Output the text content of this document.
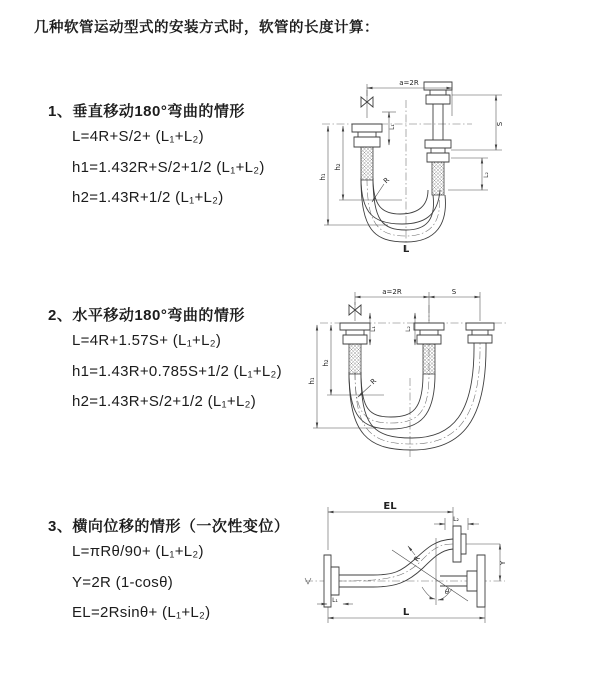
几种软管运动型式的安装方式时，软管的长度计算：
1、垂直移动180°弯曲的情形
L=4R+S/2+ (L₁+L₂)
h1=1.432R+S/2+1/2 (L₁+L₂)
h2=1.43R+1/2 (L₁+L₂)
2、水平移动180°弯曲的情形
L=4R+1.57S+ (L₁+L₂)
h1=1.43R+0.785S+1/2 (L₁+L₂)
h2=1.43R+S/2+1/2 (L₁+L₂)
3、横向位移的情形（一次性变位）
L=πRθ/90+ (L₁+L₂)
Y=2R (1-cosθ)
EL=2Rsinθ+ (L₁+L₂)
a=2R
L₁
S
L₂
h₂
h₁	R
L
a=2R	S
L₁	L₂
h₂
h₁	R
θ
EL
L₂
Y
R
L₁
L
